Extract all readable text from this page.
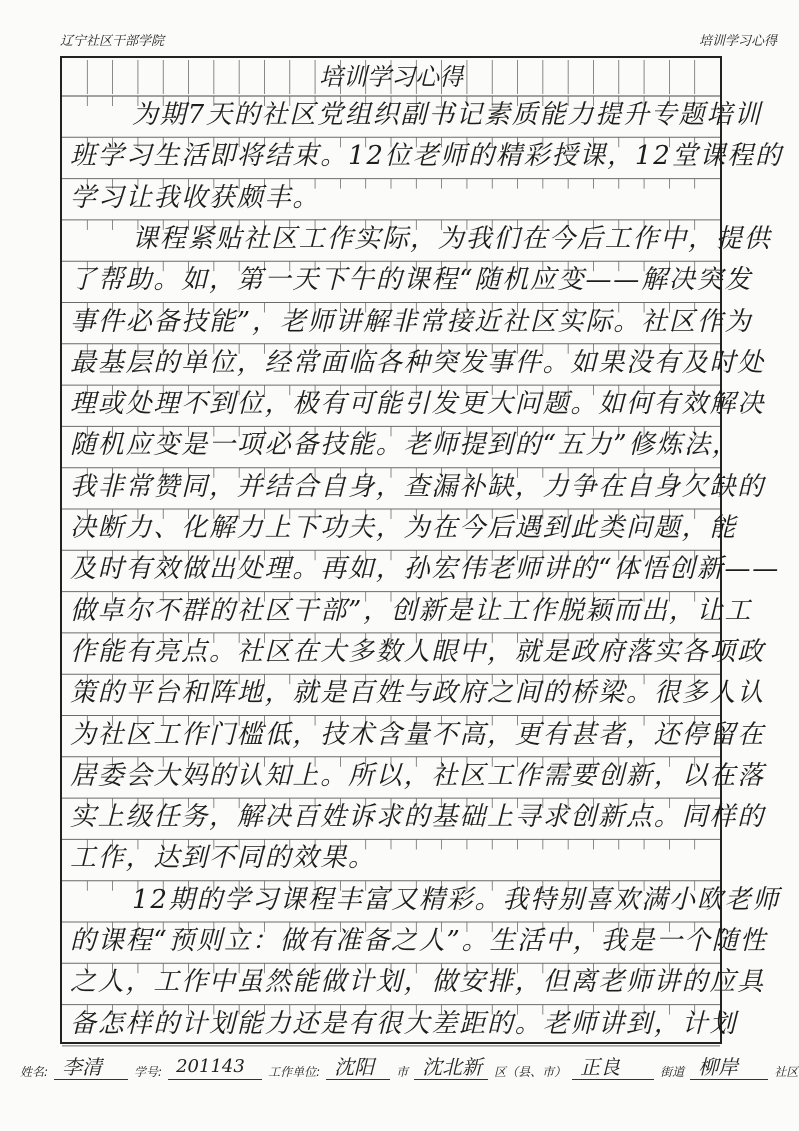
辽宁社区干部学院	培训学习心得
培训学习心得
为期7天的社区党组织副书记素质能力提升专题培训
班学习生活即将结束。12位老师的精彩授课，12堂课程的
学习让我收获颇丰。
课程紧贴社区工作实际，为我们在今后工作中，提供
了帮助。如，第一天下午的课程“随机应变——解决突发
事件必备技能”，老师讲解非常接近社区实际。社区作为
最基层的单位，经常面临各种突发事件。如果没有及时处
理或处理不到位，极有可能引发更大问题。如何有效解决
随机应变是一项必备技能。老师提到的“五力”修炼法，
我非常赞同，并结合自身，查漏补缺，力争在自身欠缺的
决断力、化解力上下功夫，为在今后遇到此类问题，能
及时有效做出处理。再如，孙宏伟老师讲的“体悟创新——
做卓尔不群的社区干部”，创新是让工作脱颖而出，让工
作能有亮点。社区在大多数人眼中，就是政府落实各项政
策的平台和阵地，就是百姓与政府之间的桥梁。很多人认
为社区工作门槛低，技术含量不高，更有甚者，还停留在
居委会大妈的认知上。所以，社区工作需要创新，以在落
实上级任务，解决百姓诉求的基础上寻求创新点。同样的
工作，达到不同的效果。
12期的学习课程丰富又精彩。我特别喜欢满小欧老师
的课程“预则立：做有准备之人”。生活中，我是一个随性
之人，工作中虽然能做计划，做安排，但离老师讲的应具
备怎样的计划能力还是有很大差距的。老师讲到，计划
姓名: 李清	学号: 201143	工作单位: 沈阳	市 沈北新	区（县、市） 正良	街道 柳岸	社区
